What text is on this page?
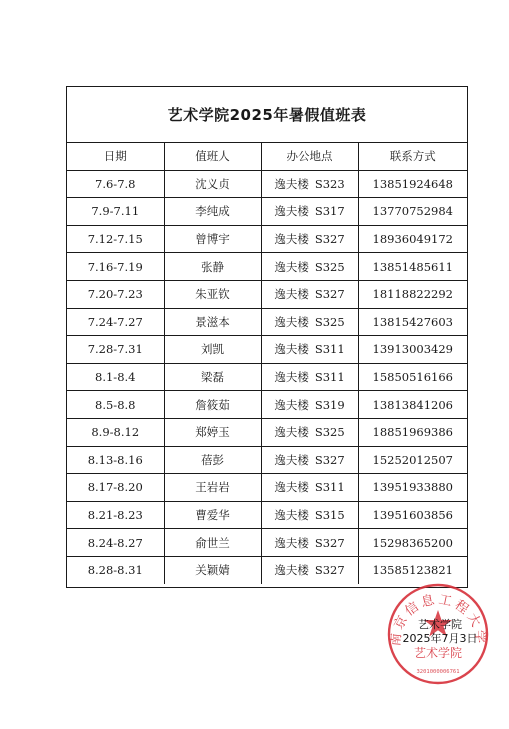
艺术学院2025年暑假值班表
日期	值班人	办公地点	联系方式
7.6-7.8	沈义贞	逸夫楼 S323	13851924648
7.9-7.11	李纯成	逸夫楼 S317	13770752984
7.12-7.15	曾博宇	逸夫楼 S327	18936049172
7.16-7.19	张静	逸夫楼 S325	13851485611
7.20-7.23	朱亚钦	逸夫楼 S327	18118822292
7.24-7.27	景滋本	逸夫楼 S325	13815427603
7.28-7.31	刘凯	逸夫楼 S311	13913003429
8.1-8.4	梁磊	逸夫楼 S311	15850516166
8.5-8.8	詹筱茹	逸夫楼 S319	13813841206
8.9-8.12	郑婷玉	逸夫楼 S325	18851969386
8.13-8.16	蓓彭	逸夫楼 S327	15252012507
8.17-8.20	王岩岩	逸夫楼 S311	13951933880
8.21-8.23	曹爱华	逸夫楼 S315	13951603856
8.24-8.27	俞世兰	逸夫楼 S327	15298365200
8.28-8.31	关颖婧	逸夫楼 S327	13585123821
南京信息工程大学
艺术学院
3201000006761
艺术学院
2025年7月3日
